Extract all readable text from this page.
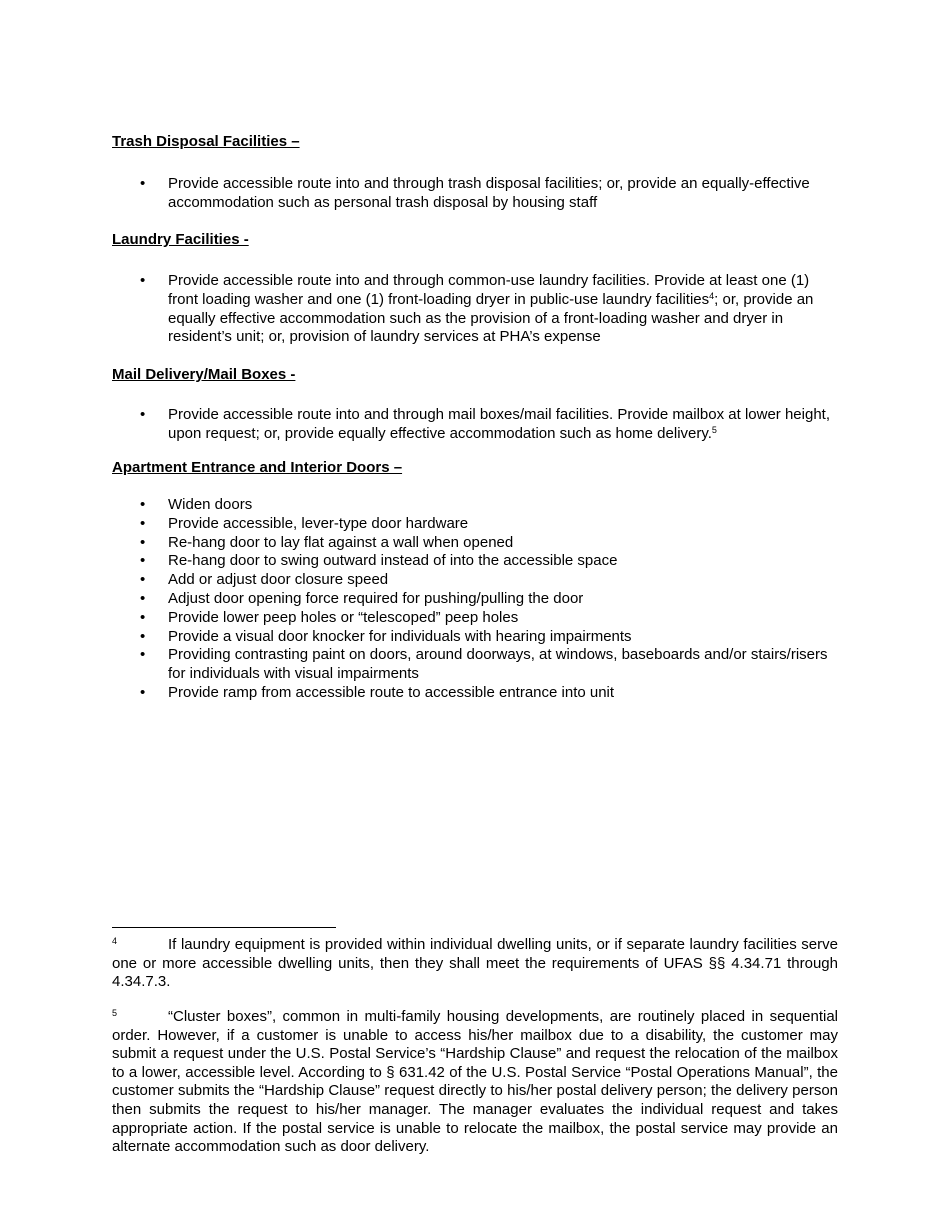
Trash Disposal Facilities –
• Provide accessible route into and through trash disposal facilities; or, provide an equally-effective accommodation such as personal trash disposal by housing staff
Laundry Facilities -
• Provide accessible route into and through common-use laundry facilities. Provide at least one (1) front loading washer and one (1) front-loading dryer in public-use laundry facilities$^4$; or, provide an equally effective accommodation such as the provision of a front-loading washer and dryer in resident’s unit; or, provision of laundry services at PHA’s expense
Mail Delivery/Mail Boxes -
• Provide accessible route into and through mail boxes/mail facilities. Provide mailbox at lower height, upon request; or, provide equally effective accommodation such as home delivery.$^5$
Apartment Entrance and Interior Doors –
• Widen doors
• Provide accessible, lever-type door hardware
• Re-hang door to lay flat against a wall when opened
• Re-hang door to swing outward instead of into the accessible space
• Add or adjust door closure speed
• Adjust door opening force required for pushing/pulling the door
• Provide lower peep holes or “telescoped” peep holes
• Provide a visual door knocker for individuals with hearing impairments
• Providing contrasting paint on doors, around doorways, at windows, baseboards and/or stairs/risers for individuals with visual impairments
• Provide ramp from accessible route to accessible entrance into unit
4	If laundry equipment is provided within individual dwelling units, or if separate laundry facilities serve one or more accessible dwelling units, then they shall meet the requirements of UFAS §§ 4.34.71 through 4.34.7.3.
5	“Cluster boxes”, common in multi-family housing developments, are routinely placed in sequential order. However, if a customer is unable to access his/her mailbox due to a disability, the customer may submit a request under the U.S. Postal Service’s “Hardship Clause” and request the relocation of the mailbox to a lower, accessible level. According to § 631.42 of the U.S. Postal Service “Postal Operations Manual”, the customer submits the “Hardship Clause” request directly to his/her postal delivery person; the delivery person then submits the request to his/her manager. The manager evaluates the individual request and takes appropriate action. If the postal service is unable to relocate the mailbox, the postal service may provide an alternate accommodation such as door delivery.
